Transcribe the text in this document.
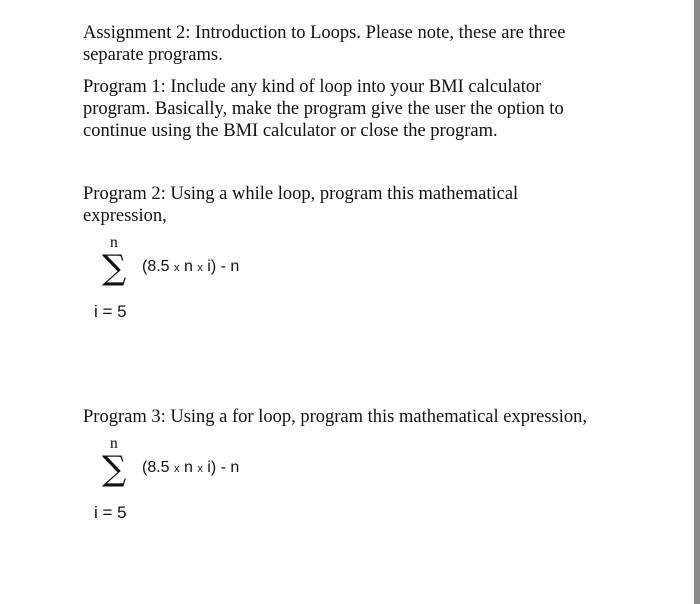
Assignment 2: Introduction to Loops. Please note, these are three
separate programs.
Program 1: Include any kind of loop into your BMI calculator
program. Basically, make the program give the user the option to
continue using the BMI calculator or close the program.
Program 2: Using a while loop, program this mathematical
expression,
n
∑ (8.5 x n x i) - n
i = 5
Program 3: Using a for loop, program this mathematical expression,
n
∑ (8.5 x n x i) - n
i = 5
